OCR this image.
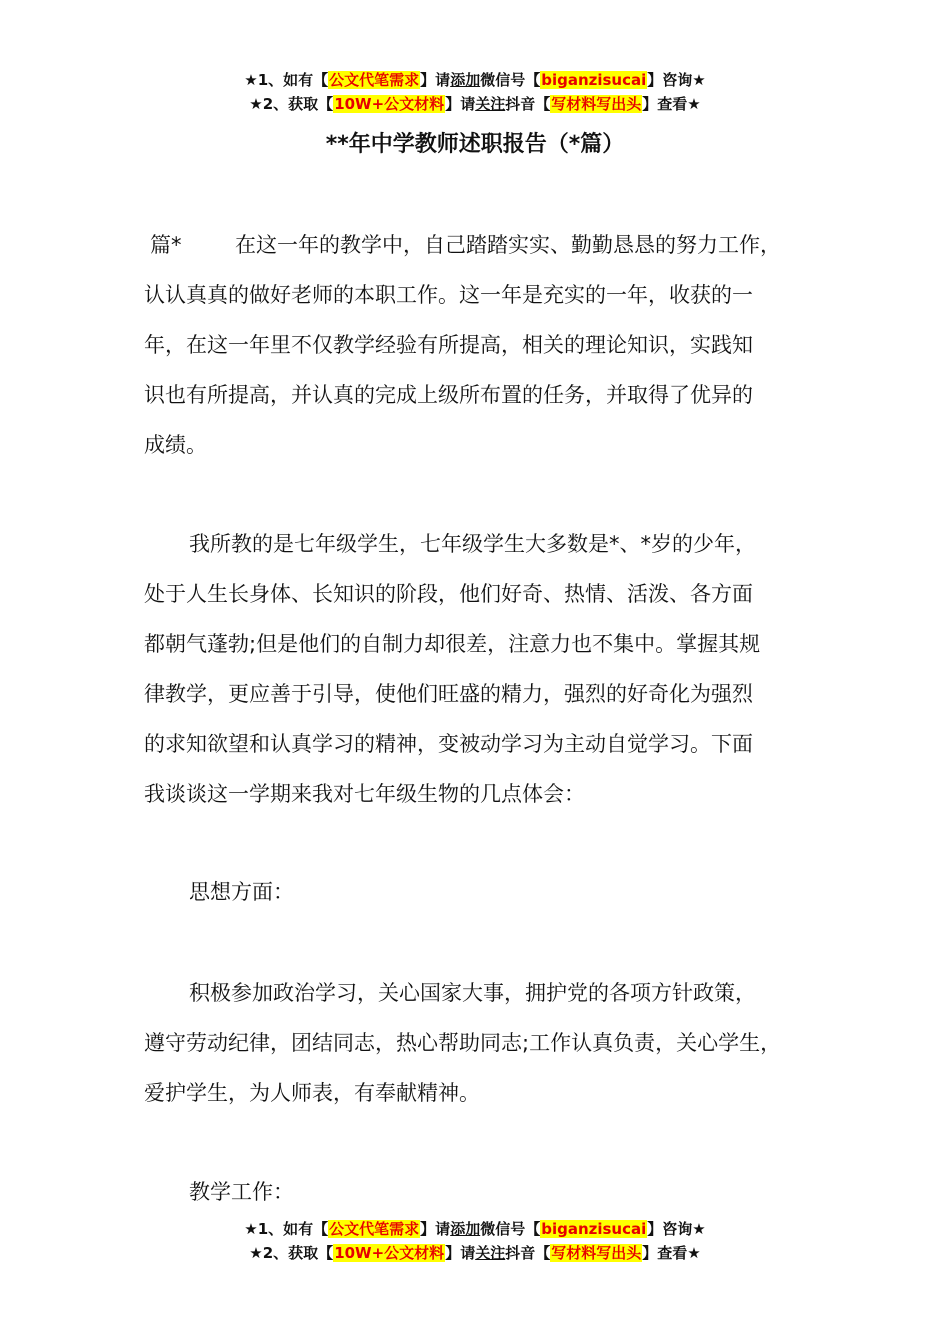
★1、如有【公文代笔需求】请添加微信号【biganzisucai】咨询★
★2、获取【10W+公文材料】请关注抖音【写材料写出头】查看★
**年中学教师述职报告（*篇）
篇*	在这一年的教学中，自己踏踏实实、勤勤恳恳的努力工作，
认认真真的做好老师的本职工作。这一年是充实的一年，收获的一
年，在这一年里不仅教学经验有所提高，相关的理论知识，实践知
识也有所提高，并认真的完成上级所布置的任务，并取得了优异的
成绩。
我所教的是七年级学生，七年级学生大多数是*、*岁的少年，
处于人生长身体、长知识的阶段，他们好奇、热情、活泼、各方面
都朝气蓬勃;但是他们的自制力却很差，注意力也不集中。掌握其规
律教学，更应善于引导，使他们旺盛的精力，强烈的好奇化为强烈
的求知欲望和认真学习的精神，变被动学习为主动自觉学习。下面
我谈谈这一学期来我对七年级生物的几点体会：
思想方面：
积极参加政治学习，关心国家大事，拥护党的各项方针政策，
遵守劳动纪律，团结同志，热心帮助同志;工作认真负责，关心学生，
爱护学生，为人师表，有奉献精神。
教学工作：
★1、如有【公文代笔需求】请添加微信号【biganzisucai】咨询★
★2、获取【10W+公文材料】请关注抖音【写材料写出头】查看★
